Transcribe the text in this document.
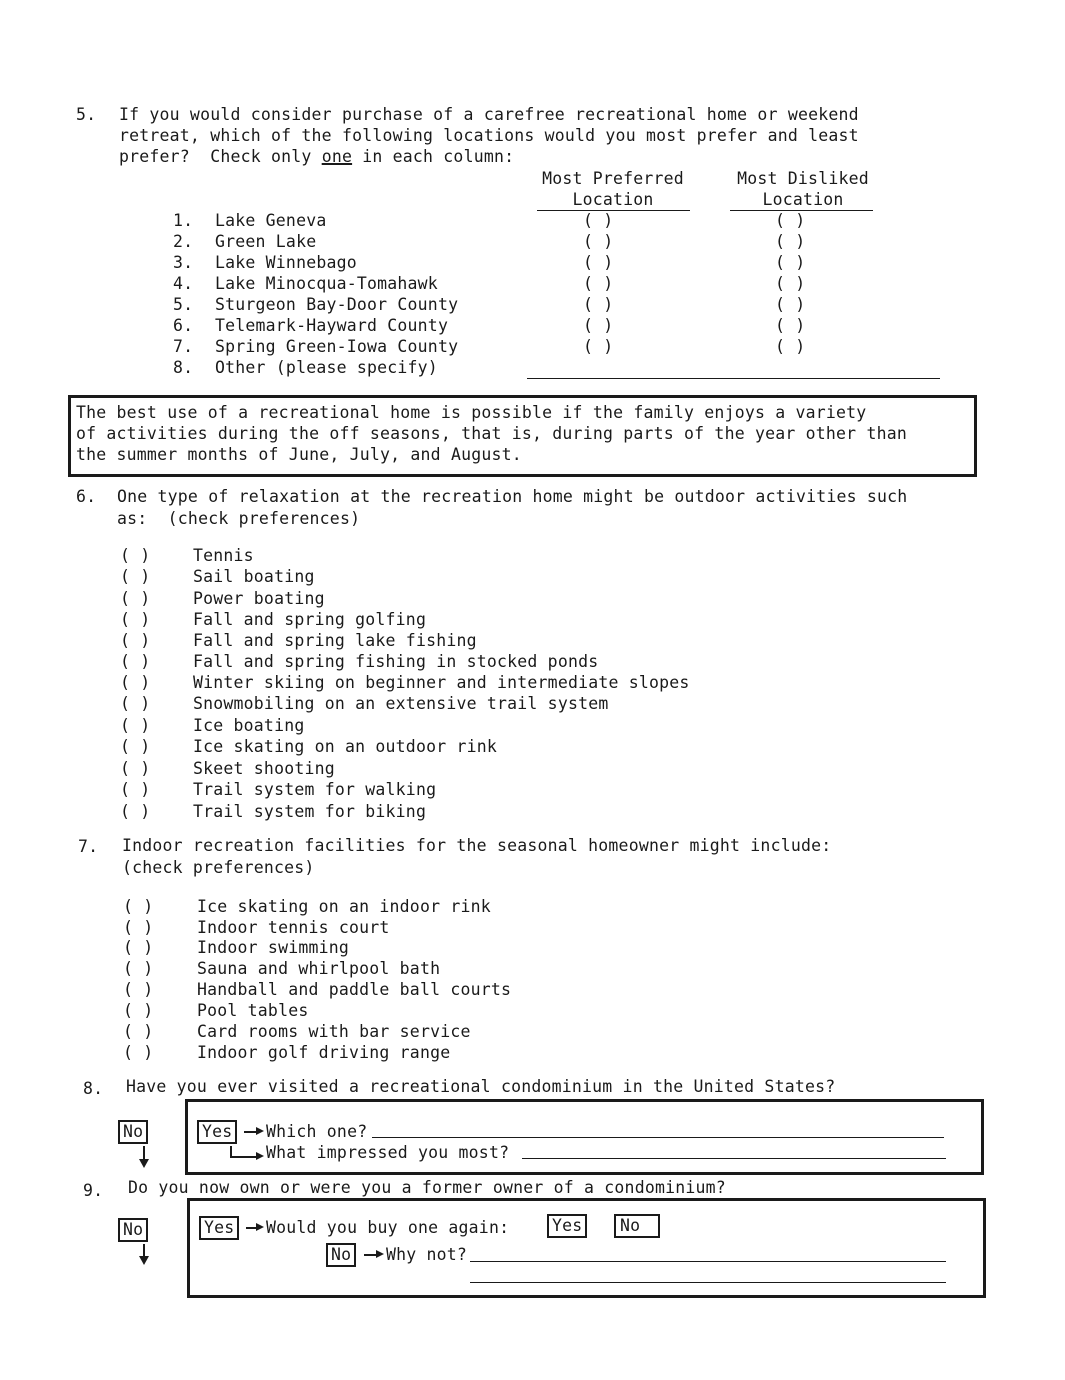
5. If you would consider purchase of a carefree recreational home or weekend
retreat, which of the following locations would you most prefer and least
prefer?  Check only one in each column:
Most Preferred
Location
Most Disliked
Location
1. Lake Geneva	( )	( )
2. Green Lake	( )	( )
3. Lake Winnebago	( )	( )
4. Lake Minocqua-Tomahawk	( )	( )
5. Sturgeon Bay-Door County	( )	( )
6. Telemark-Hayward County	( )	( )
7. Spring Green-Iowa County	( )	( )
8. Other (please specify)
The best use of a recreational home is possible if the family enjoys a variety
of activities during the off seasons, that is, during parts of the year other than
the summer months of June, July, and August.
6. One type of relaxation at the recreation home might be outdoor activities such
as:  (check preferences)
( )	Tennis
( )	Sail boating
( )	Power boating
( )	Fall and spring golfing
( )	Fall and spring lake fishing
( )	Fall and spring fishing in stocked ponds
( )	Winter skiing on beginner and intermediate slopes
( )	Snowmobiling on an extensive trail system
( )	Ice boating
( )	Ice skating on an outdoor rink
( )	Skeet shooting
( )	Trail system for walking
( )	Trail system for biking
7. Indoor recreation facilities for the seasonal homeowner might include:
(check preferences)
( )	Ice skating on an indoor rink
( )	Indoor tennis court
( )	Indoor swimming
( )	Sauna and whirlpool bath
( )	Handball and paddle ball courts
( )	Pool tables
( )	Card rooms with bar service
( )	Indoor golf driving range
8. Have you ever visited a recreational condominium in the United States?
No	Yes	Which one?
What impressed you most?
9. Do you now own or were you a former owner of a condominium?
No	Yes	Would you buy one again:	Yes	No
No	Why not?
